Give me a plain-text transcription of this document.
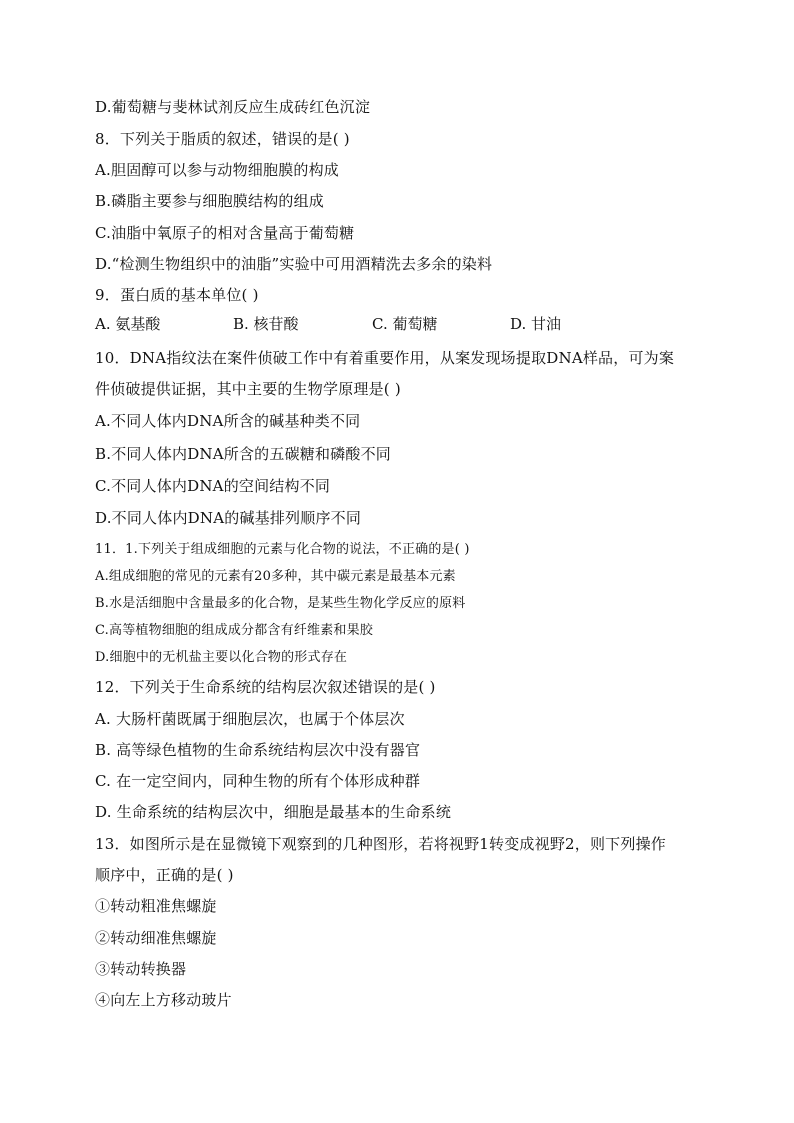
D.葡萄糖与斐林试剂反应生成砖红色沉淀
8．下列关于脂质的叙述，错误的是( )
A.胆固醇可以参与动物细胞膜的构成
B.磷脂主要参与细胞膜结构的组成
C.油脂中氧原子的相对含量高于葡萄糖
D.“检测生物组织中的油脂”实验中可用酒精洗去多余的染料
9．蛋白质的基本单位( )
A. 氨基酸	B. 核苷酸	C. 葡萄糖	D. 甘油
10．DNA指纹法在案件侦破工作中有着重要作用，从案发现场提取DNA样品，可为案
件侦破提供证据，其中主要的生物学原理是( )
A.不同人体内DNA所含的碱基种类不同
B.不同人体内DNA所含的五碳糖和磷酸不同
C.不同人体内DNA的空间结构不同
D.不同人体内DNA的碱基排列顺序不同
11．1.下列关于组成细胞的元素与化合物的说法，不正确的是( )
A.组成细胞的常见的元素有20多种，其中碳元素是最基本元素
B.水是活细胞中含量最多的化合物，是某些生物化学反应的原料
C.高等植物细胞的组成成分都含有纤维素和果胶
D.细胞中的无机盐主要以化合物的形式存在
12．下列关于生命系统的结构层次叙述错误的是( )
A. 大肠杆菌既属于细胞层次，也属于个体层次
B. 高等绿色植物的生命系统结构层次中没有器官
C. 在一定空间内，同种生物的所有个体形成种群
D. 生命系统的结构层次中，细胞是最基本的生命系统
13．如图所示是在显微镜下观察到的几种图形，若将视野1转变成视野2，则下列操作
顺序中，正确的是( )
①转动粗准焦螺旋
②转动细准焦螺旋
③转动转换器
④向左上方移动玻片
